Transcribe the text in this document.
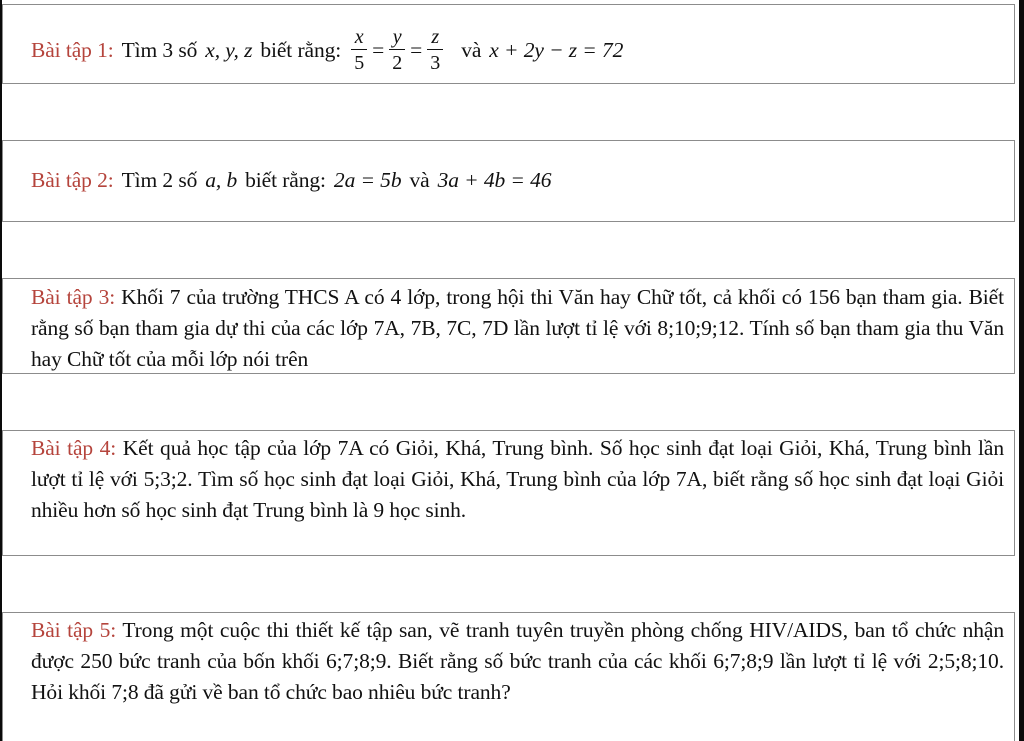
Bài tập 1: Tìm 3 số x, y, z biết rằng: $\frac{x}{5} = \frac{y}{2} = \frac{z}{3}$ và x + 2y − z = 72
Bài tập 2: Tìm 2 số a, b biết rằng: 2a = 5b và 3a + 4b = 46
Bài tập 3: Khối 7 của trường THCS A có 4 lớp, trong hội thi Văn hay Chữ tốt, cả khối có 156 bạn tham gia. Biết rằng số bạn tham gia dự thi của các lớp 7A, 7B, 7C, 7D lần lượt tỉ lệ với 8;10;9;12. Tính số bạn tham gia thu Văn hay Chữ tốt của mỗi lớp nói trên
Bài tập 4: Kết quả học tập của lớp 7A có Giỏi, Khá, Trung bình. Số học sinh đạt loại Giỏi, Khá, Trung bình lần lượt tỉ lệ với 5;3;2. Tìm số học sinh đạt loại Giỏi, Khá, Trung bình của lớp 7A, biết rằng số học sinh đạt loại Giỏi nhiều hơn số học sinh đạt Trung bình là 9 học sinh.
Bài tập 5: Trong một cuộc thi thiết kế tập san, vẽ tranh tuyên truyền phòng chống HIV/AIDS, ban tổ chức nhận được 250 bức tranh của bốn khối 6;7;8;9. Biết rằng số bức tranh của các khối 6;7;8;9 lần lượt tỉ lệ với 2;5;8;10. Hỏi khối 7;8 đã gửi về ban tổ chức bao nhiêu bức tranh?
